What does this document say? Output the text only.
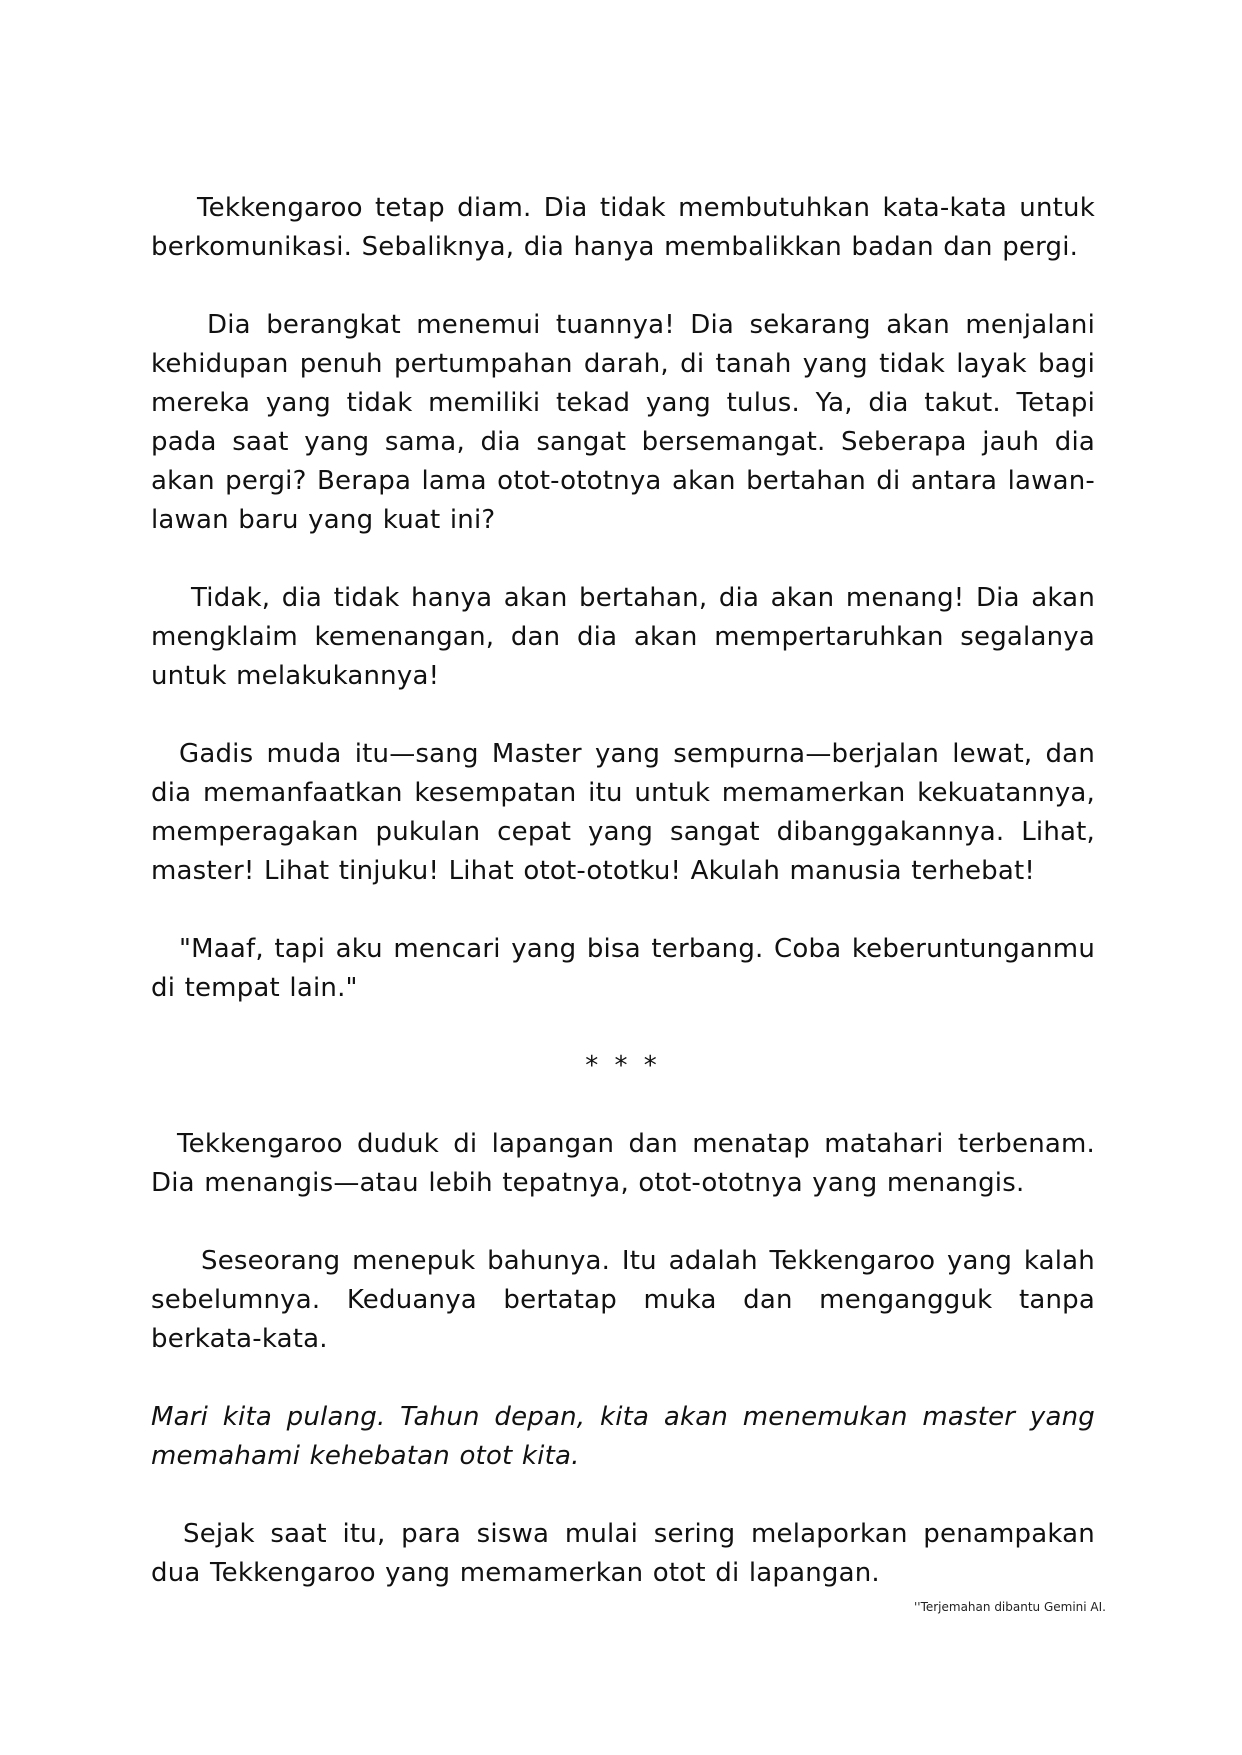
Tekkengaroo tetap diam. Dia tidak membutuhkan kata-kata untuk berkomunikasi. Sebaliknya, dia hanya membalikkan badan dan pergi.

Dia berangkat menemui tuannya! Dia sekarang akan menjalani kehidupan penuh pertumpahan darah, di tanah yang tidak layak bagi mereka yang tidak memiliki tekad yang tulus. Ya, dia takut. Tetapi pada saat yang sama, dia sangat bersemangat. Seberapa jauh dia akan pergi? Berapa lama otot-ototnya akan bertahan di antara lawan-lawan baru yang kuat ini?

Tidak, dia tidak hanya akan bertahan, dia akan menang! Dia akan mengklaim kemenangan, dan dia akan mempertaruhkan segalanya untuk melakukannya!

Gadis muda itu—sang Master yang sempurna—berjalan lewat, dan dia memanfaatkan kesempatan itu untuk memamerkan kekuatannya, memperagakan pukulan cepat yang sangat dibanggakannya. Lihat, master! Lihat tinjuku! Lihat otot-ototku! Akulah manusia terhebat!

"Maaf, tapi aku mencari yang bisa terbang. Coba keberuntunganmu di tempat lain."

* * *

Tekkengaroo duduk di lapangan dan menatap matahari terbenam. Dia menangis—atau lebih tepatnya, otot-ototnya yang menangis.

Seseorang menepuk bahunya. Itu adalah Tekkengaroo yang kalah sebelumnya. Keduanya bertatap muka dan mengangguk tanpa berkata-kata.

Mari kita pulang. Tahun depan, kita akan menemukan master yang memahami kehebatan otot kita.

Sejak saat itu, para siswa mulai sering melaporkan penampakan dua Tekkengaroo yang memamerkan otot di lapangan.

''Terjemahan dibantu Gemini AI.
